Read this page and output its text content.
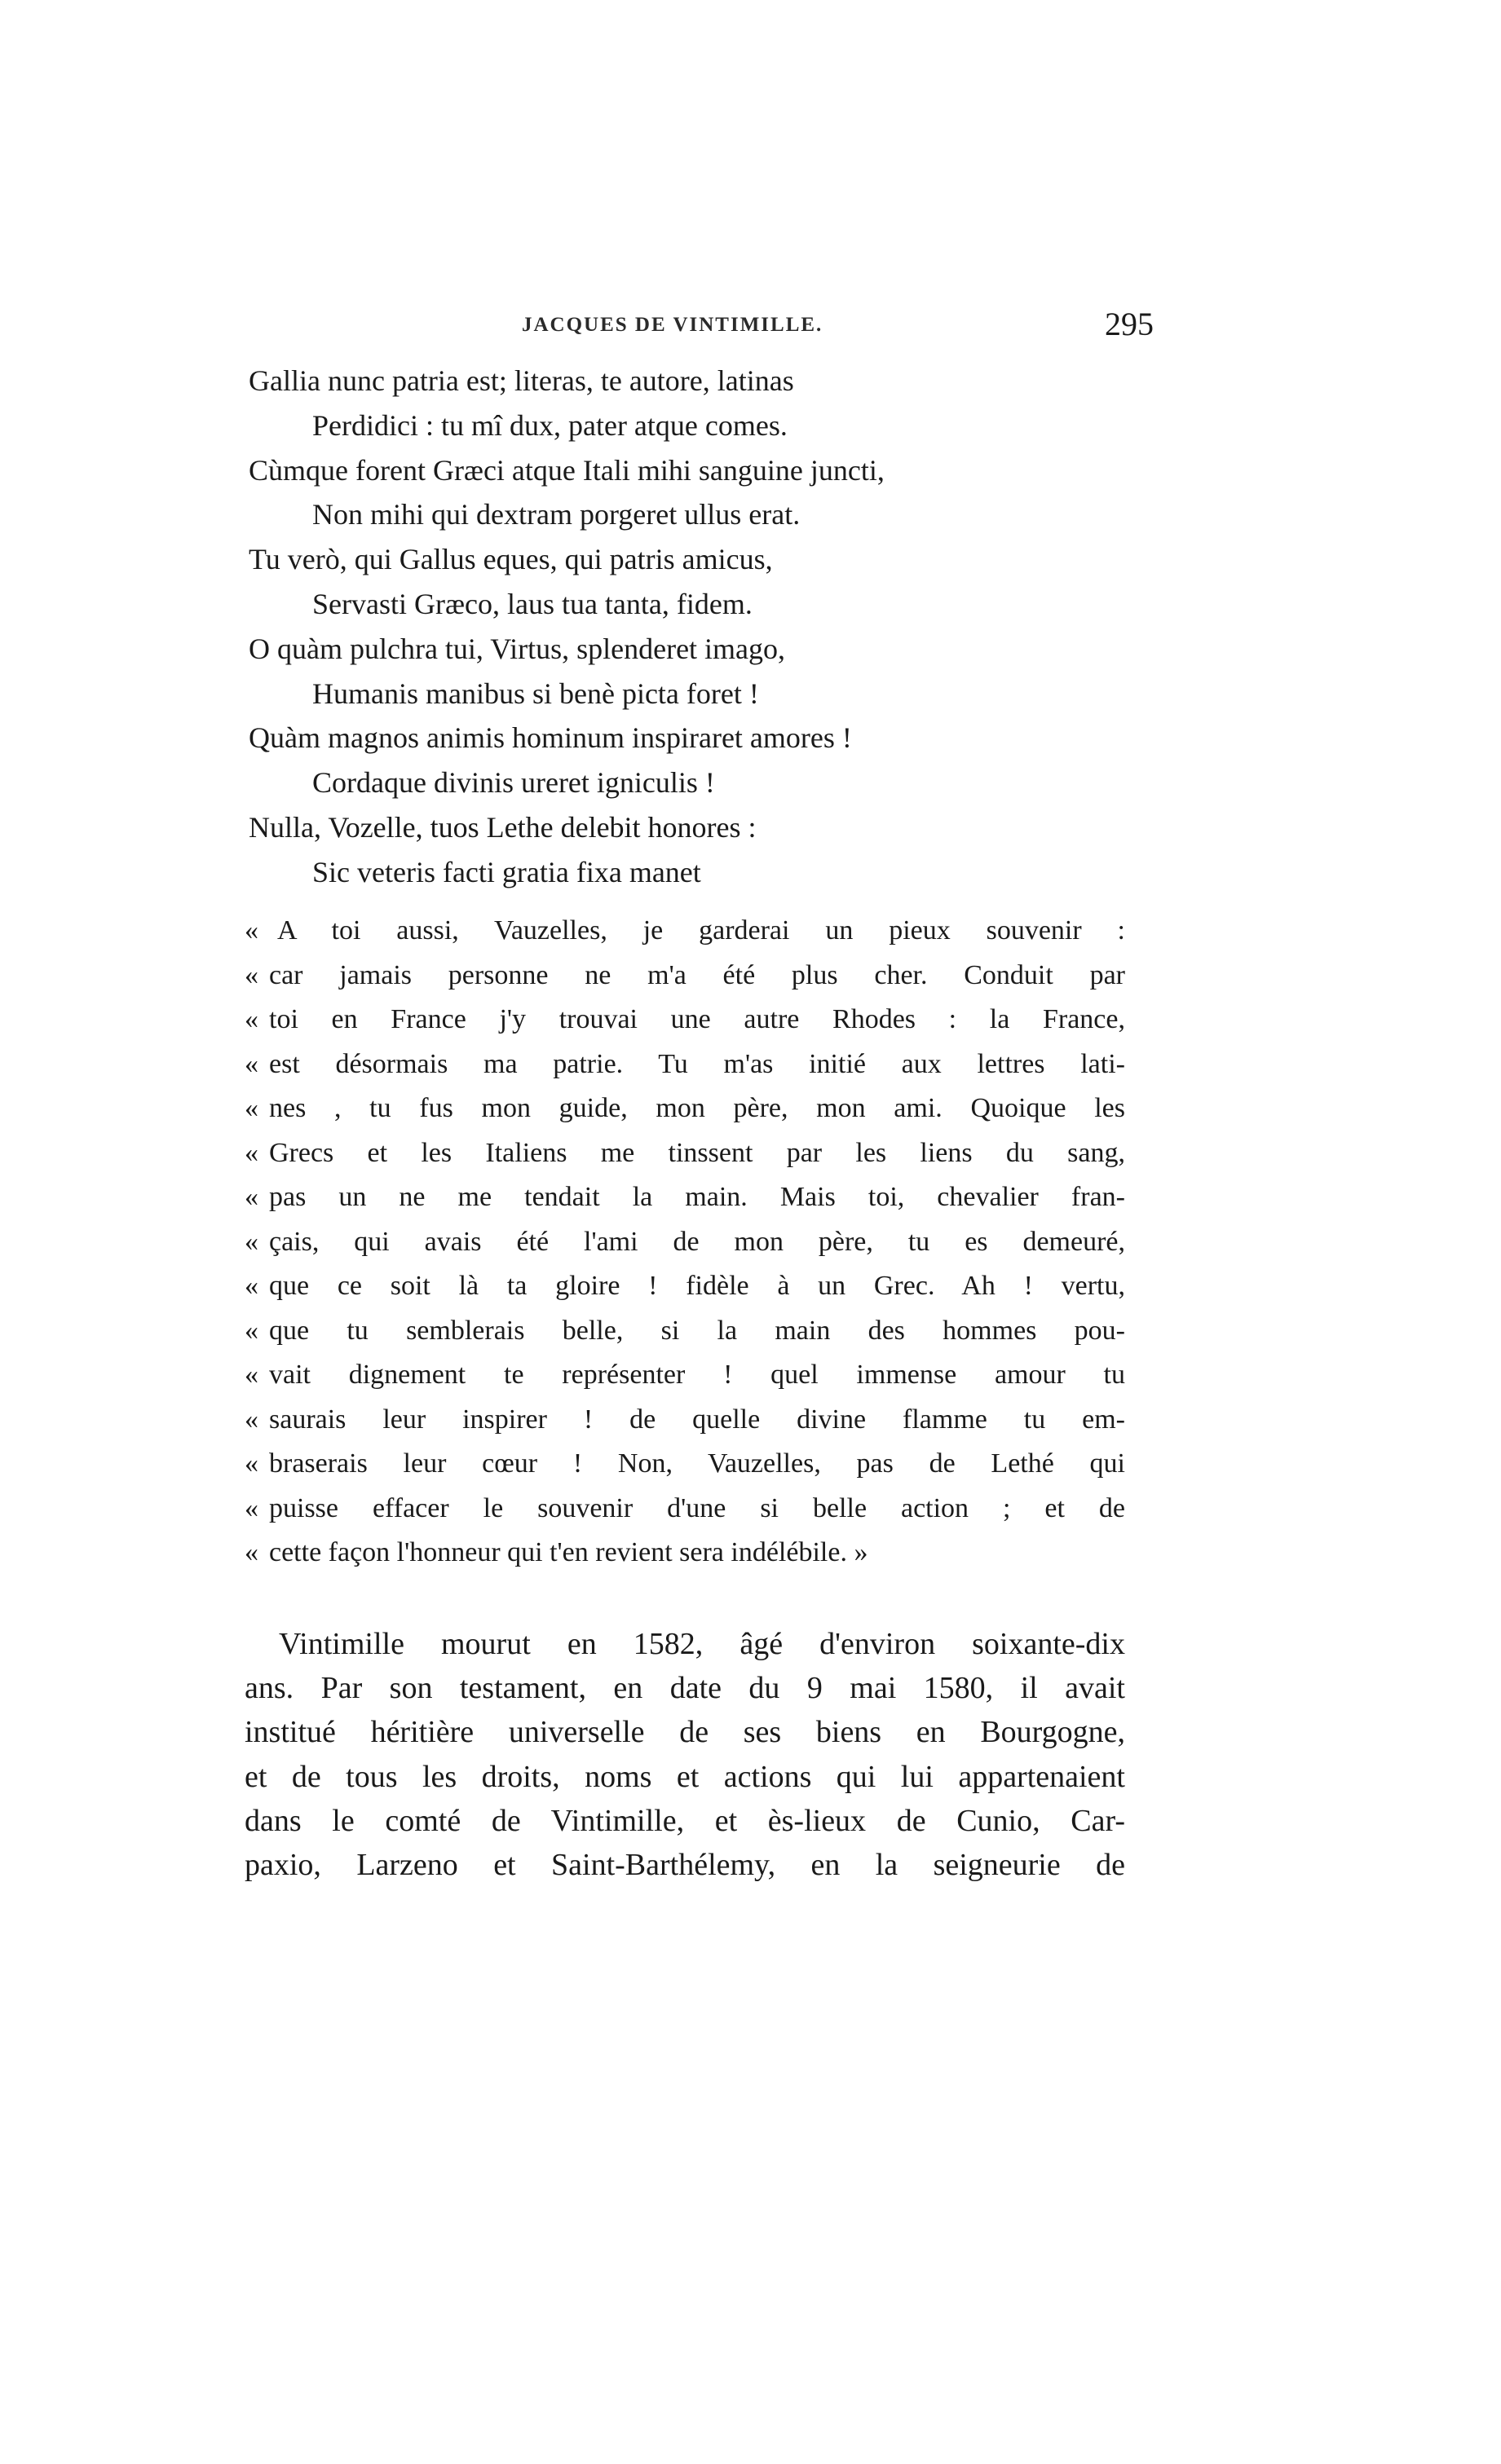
JACQUES DE VINTIMILLE.	295
Gallia nunc patria est; literas, te autore, latinas
Perdidici : tu mî dux, pater atque comes.
Cùmque forent Græci atque Itali mihi sanguine juncti,
Non mihi qui dextram porgeret ullus erat.
Tu verò, qui Gallus eques, qui patris amicus,
Servasti Græco, laus tua tanta, fidem.
O quàm pulchra tui, Virtus, splenderet imago,
Humanis manibus si benè picta foret !
Quàm magnos animis hominum inspiraret amores !
Cordaque divinis ureret igniculis !
Nulla, Vozelle, tuos Lethe delebit honores :
Sic veteris facti gratia fixa manet
« A toi aussi, Vauzelles, je garderai un pieux souvenir :
« car jamais personne ne m'a été plus cher. Conduit par
« toi en France j'y trouvai une autre Rhodes : la France,
« est désormais ma patrie. Tu m'as initié aux lettres lati-
« nes , tu fus mon guide, mon père, mon ami. Quoique les
« Grecs et les Italiens me tinssent par les liens du sang,
« pas un ne me tendait la main. Mais toi, chevalier fran-
« çais, qui avais été l'ami de mon père, tu es demeuré,
« que ce soit là ta gloire ! fidèle à un Grec. Ah ! vertu,
« que tu semblerais belle, si la main des hommes pou-
« vait dignement te représenter ! quel immense amour tu
« saurais leur inspirer ! de quelle divine flamme tu em-
« braserais leur cœur ! Non, Vauzelles, pas de Lethé qui
« puisse effacer le souvenir d'une si belle action ; et de
« cette façon l'honneur qui t'en revient sera indélébile. »
Vintimille mourut en 1582, âgé d'environ soixante-dix
ans. Par son testament, en date du 9 mai 1580, il avait
institué héritière universelle de ses biens en Bourgogne,
et de tous les droits, noms et actions qui lui appartenaient
dans le comté de Vintimille, et ès-lieux de Cunio, Car-
paxio, Larzeno et Saint-Barthélemy, en la seigneurie de
